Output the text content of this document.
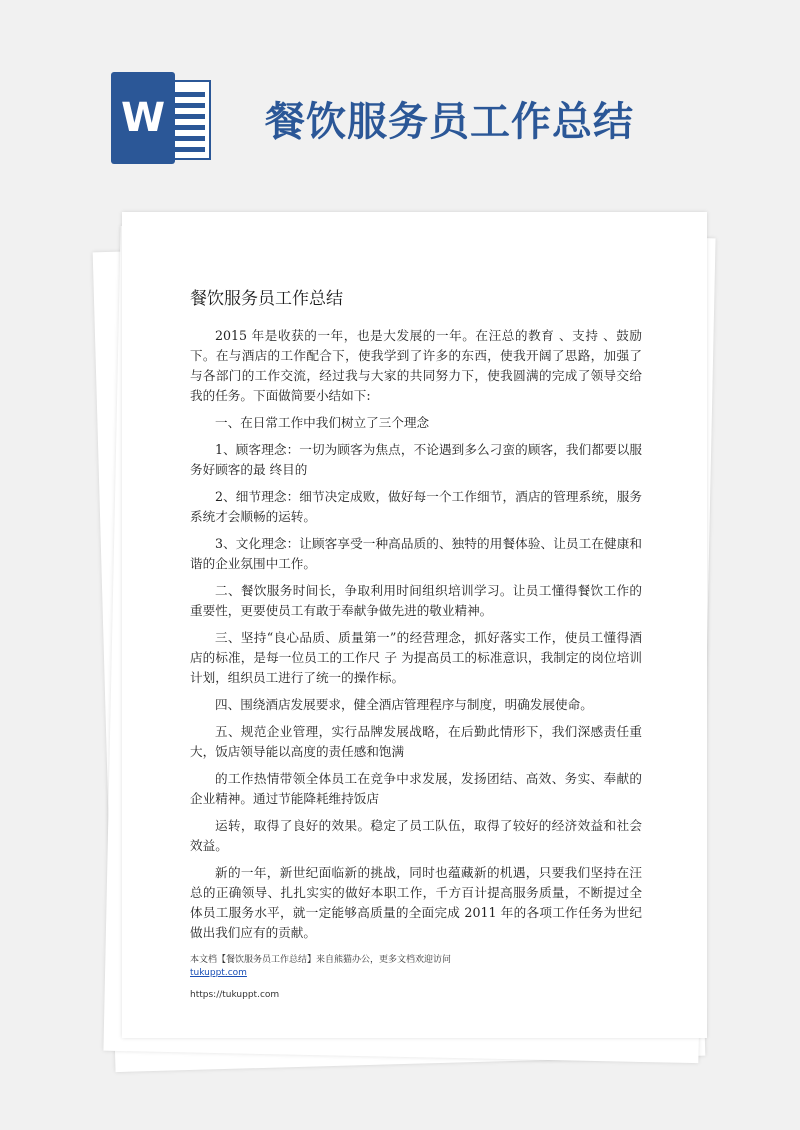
W 餐饮服务员工作总结
餐饮服务员工作总结

2015 年是收获的一年，也是大发展的一年。在汪总的教育 、支持 、鼓励下。在与酒店的工作配合下，使我学到了许多的东西，使我开阔了思路，加强了与各部门的工作交流，经过我与大家的共同努力下，使我圆满的完成了领导交给我的任务。下面做简要小结如下:

一、在日常工作中我们树立了三个理念

1、顾客理念：一切为顾客为焦点，不论遇到多么刁蛮的顾客，我们都要以服务好顾客的最 终目的

2、细节理念：细节决定成败，做好每一个工作细节，酒店的管理系统，服务系统才会顺畅的运转。

3、文化理念：让顾客享受一种高品质的、独特的用餐体验、让员工在健康和谐的企业氛围中工作。

二、餐饮服务时间长，争取利用时间组织培训学习。让员工懂得餐饮工作的重要性，更要使员工有敢于奉献争做先进的敬业精神。

三、坚持“良心品质、质量第一”的经营理念，抓好落实工作，使员工懂得酒店的标准，是每一位员工的工作尺 子 为提高员工的标准意识，我制定的岗位培训计划，组织员工进行了统一的操作标。

四、围绕酒店发展要求，健全酒店管理程序与制度，明确发展使命。

五、规范企业管理，实行品牌发展战略，在后勤此情形下，我们深感责任重大，饭店领导能以高度的责任感和饱满

的工作热情带领全体员工在竞争中求发展，发扬团结、高效、务实、奉献的企业精神。通过节能降耗维持饭店

运转，取得了良好的效果。稳定了员工队伍，取得了较好的经济效益和社会效益。

新的一年，新世纪面临新的挑战，同时也蕴藏新的机遇，只要我们坚持在汪总的正确领导、扎扎实实的做好本职工作，千方百计提高服务质量，不断提过全体员工服务水平，就一定能够高质量的全面完成 2011 年的各项工作任务为世纪做出我们应有的贡献。

本文档【餐饮服务员工作总结】来自熊猫办公，更多文档欢迎访问
tukuppt.com
https://tukuppt.com
